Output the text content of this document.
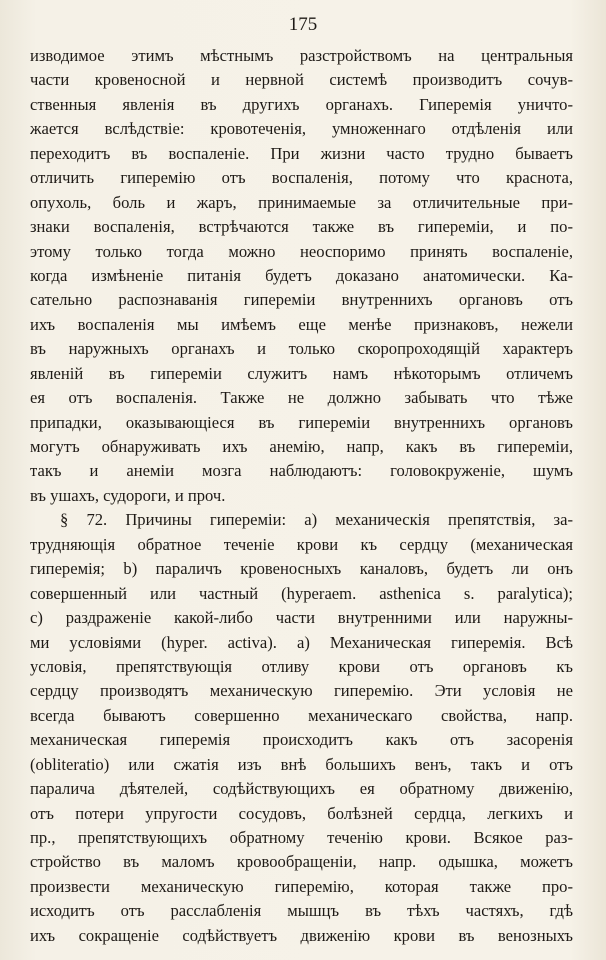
175
изводимое этимъ мѣстнымъ разстройствомъ на центральныя
части кровеносной и нервной системѣ производитъ сочув-
ственныя явленія въ другихъ органахъ. Гиперемія уничто-
жается вслѣдствіе: кровотеченія, умноженнаго отдѣленія или
переходитъ въ воспаленіе. При жизни часто трудно бываетъ
отличить гиперемію отъ воспаленія, потому что краснота,
опухоль, боль и жаръ, принимаемые за отличительные при-
знаки воспаленія, встрѣчаются также въ гипереміи, и по-
этому только тогда можно неоспоримо принять воспаленіе,
когда измѣненіе питанія будетъ доказано анатомически. Ка-
сательно распознаванія гипереміи внутреннихъ органовъ отъ
ихъ воспаленія мы имѣемъ еще менѣе признаковъ, нежели
въ наружныхъ органахъ и только скоропроходящій характеръ
явленій въ гипереміи служитъ намъ нѣкоторымъ отличемъ
ея отъ воспаленія. Также не должно забывать что тѣже
припадки, оказывающіеся въ гипереміи внутреннихъ органовъ
могутъ обнаруживать ихъ анемію, напр, какъ въ гипереміи,
такъ и анеміи мозга наблюдаютъ: головокруженіе, шумъ
въ ушахъ, судороги, и проч.
§ 72. Причины гипереміи: а) механическія препятствія, за-
трудняющія обратное теченіе крови къ сердцу (механическая
гиперемія; b) параличъ кровеносныхъ каналовъ, будетъ ли онъ
совершенный или частный (hyperaem. asthenica s. paralytica);
c) раздраженіе какой-либо части внутренними или наружны-
ми условіями (hyper. activa). а) Механическая гиперемія. Всѣ
условія, препятствующія отливу крови отъ органовъ къ
сердцу производятъ механическую гиперемію. Эти условія не
всегда бываютъ совершенно механическаго свойства, напр.
механическая гиперемія происходитъ какъ отъ засоренія
(obliteratio) или сжатія изъ внѣ большихъ венъ, такъ и отъ
паралича дѣятелей, содѣйствующихъ ея обратному движенію,
отъ потери упругости сосудовъ, болѣзней сердца, легкихъ и
пр., препятствующихъ обратному теченію крови. Всякое раз-
стройство въ маломъ кровообращеніи, напр. одышка, можетъ
произвести механическую гиперемію, которая также про-
исходитъ отъ расслабленія мышцъ въ тѣхъ частяхъ, гдѣ
ихъ сокращеніе содѣйствуетъ движенію крови въ венозныхъ
